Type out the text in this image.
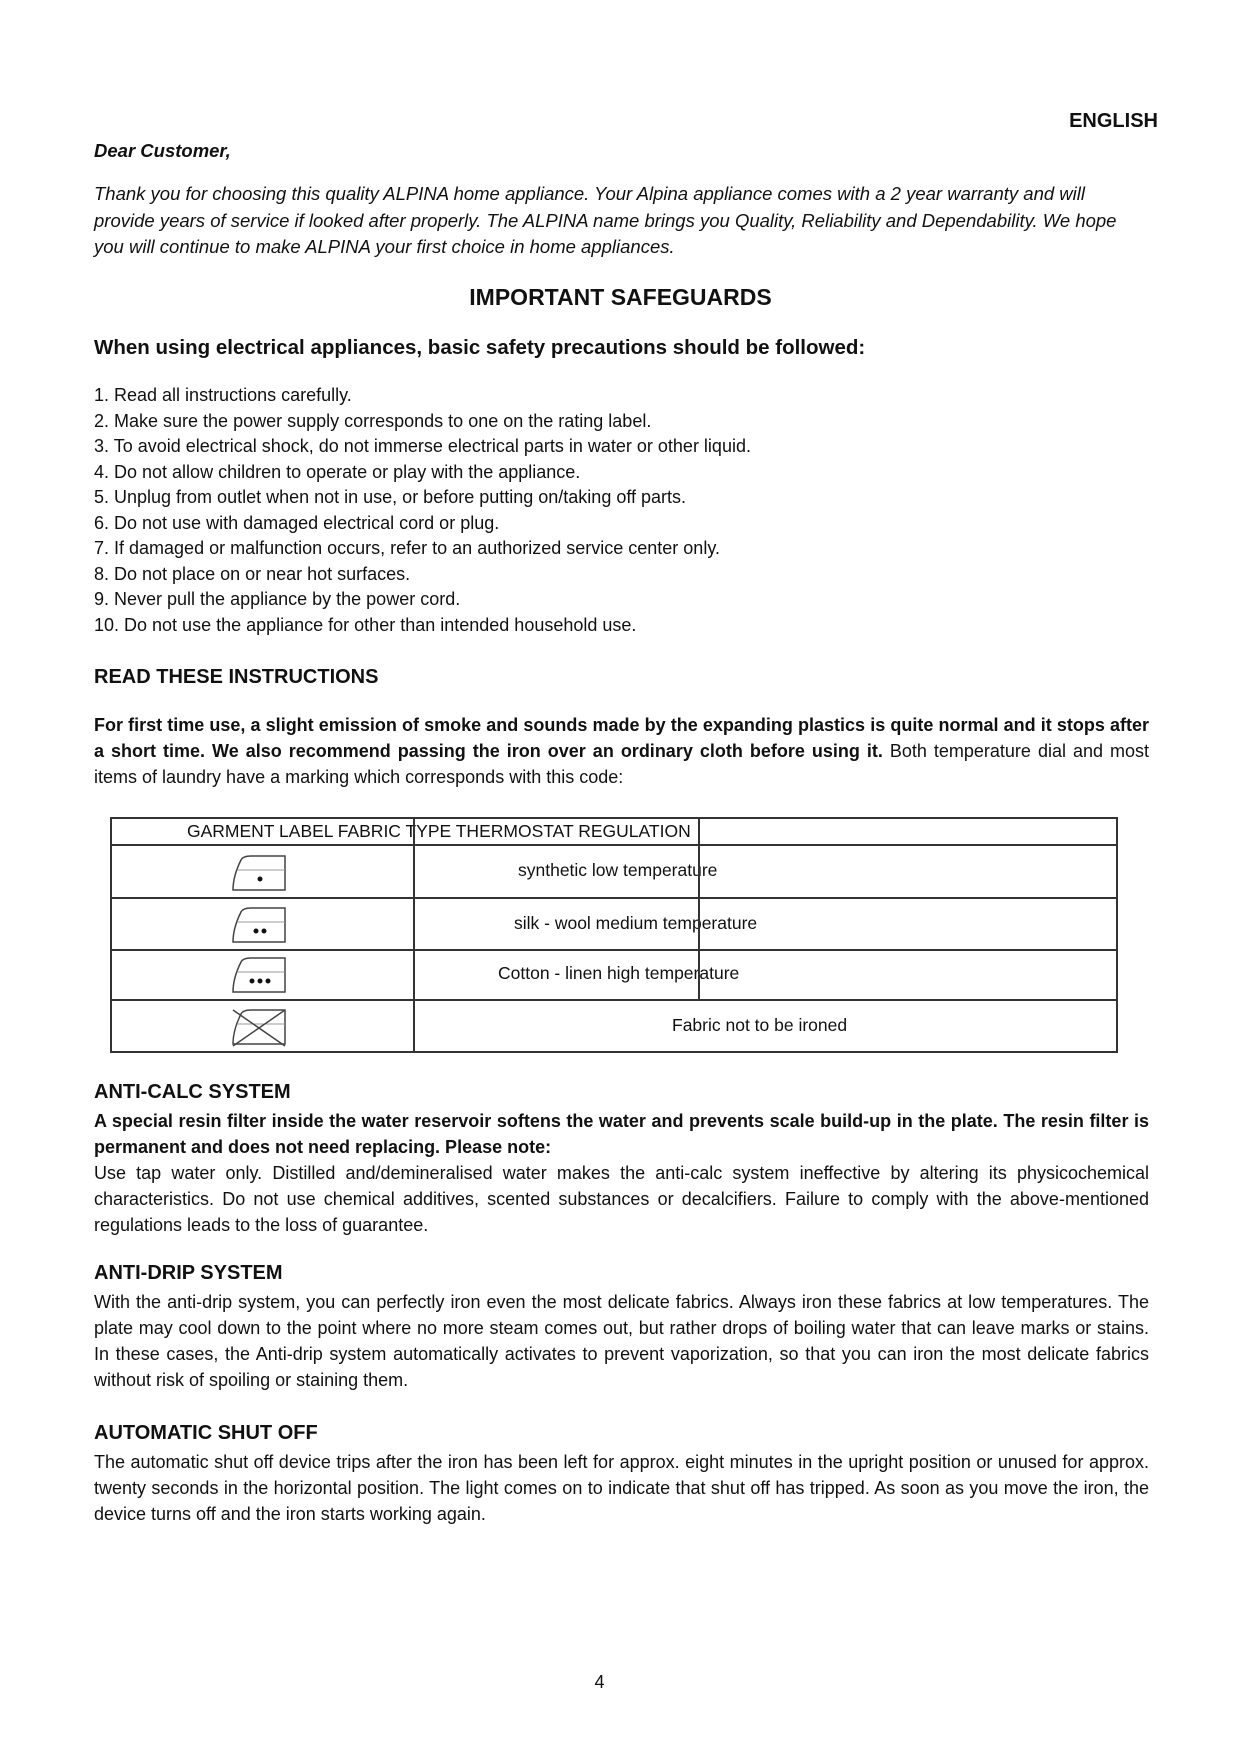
ENGLISH
Dear Customer,
Thank you for choosing this quality ALPINA home appliance. Your Alpina appliance comes with a 2 year warranty and will provide years of service if looked after properly. The ALPINA name brings you Quality, Reliability and Dependability. We hope you will continue to make ALPINA your first choice in home appliances.
IMPORTANT SAFEGUARDS
When using electrical appliances, basic safety precautions should be followed:
1. Read all instructions carefully.
2. Make sure the power supply corresponds to one on the rating label.
3. To avoid electrical shock, do not immerse electrical parts in water or other liquid.
4. Do not allow children to operate or play with the appliance.
5. Unplug from outlet when not in use, or before putting on/taking off parts.
6. Do not use with damaged electrical cord or plug.
7. If damaged or malfunction occurs, refer to an authorized service center only.
8. Do not place on or near hot surfaces.
9. Never pull the appliance by the power cord.
10. Do not use the appliance for other than intended household use.
READ THESE INSTRUCTIONS
For first time use, a slight emission of smoke and sounds made by the expanding plastics is quite normal and it stops after a short time. We also recommend passing the iron over an ordinary cloth before using it. Both temperature dial and most items of laundry have a marking which corresponds with this code:
GARMENT LABEL FABRIC TYPE THERMOSTAT REGULATION
synthetic low temperature
silk - wool medium temperature
Cotton - linen high temperature
Fabric not to be ironed
ANTI-CALC SYSTEM
A special resin filter inside the water reservoir softens the water and prevents scale build-up in the plate. The resin filter is permanent and does not need replacing. Please note:
Use tap water only. Distilled and/demineralised water makes the anti-calc system ineffective by altering its physicochemical characteristics. Do not use chemical additives, scented substances or decalcifiers. Failure to comply with the above-mentioned regulations leads to the loss of guarantee.
ANTI-DRIP SYSTEM
With the anti-drip system, you can perfectly iron even the most delicate fabrics. Always iron these fabrics at low temperatures. The plate may cool down to the point where no more steam comes out, but rather drops of boiling water that can leave marks or stains. In these cases, the Anti-drip system automatically activates to prevent vaporization, so that you can iron the most delicate fabrics without risk of spoiling or staining them.
AUTOMATIC SHUT OFF
The automatic shut off device trips after the iron has been left for approx. eight minutes in the upright position or unused for approx. twenty seconds in the horizontal position. The light comes on to indicate that shut off has tripped. As soon as you move the iron, the device turns off and the iron starts working again.
4
